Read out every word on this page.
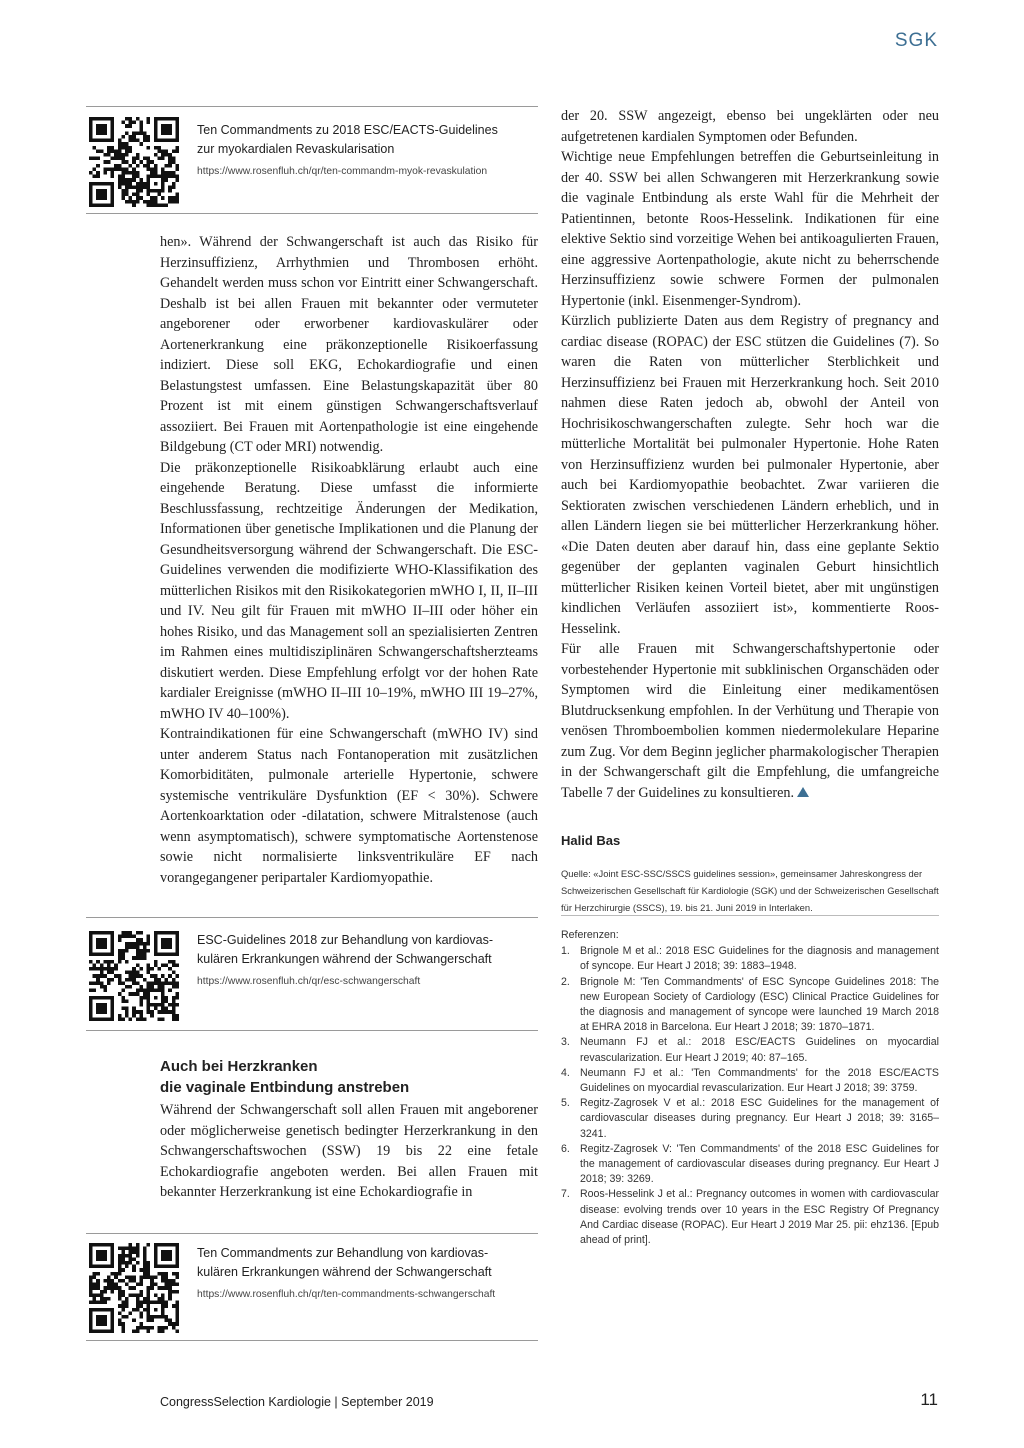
SGK
Ten Commandments zu 2018 ESC/EACTS-Guidelines
zur myokardialen Revaskularisation
https://www.rosenfluh.ch/qr/ten-commandm-myok-revaskulation

hen». Während der Schwangerschaft ist auch das Risiko für Herzinsuffizienz, Arrhythmien und Thrombosen erhöht. Gehandelt werden muss schon vor Eintritt einer Schwangerschaft. Deshalb ist bei allen Frauen mit bekannter oder vermuteter angeborener oder erworbener kardiovaskulärer oder Aortenerkrankung eine präkonzeptionelle Risikoerfassung indiziert. Diese soll EKG, Echokardiografie und einen Belastungstest umfassen. Eine Belastungskapazität über 80 Prozent ist mit einem günstigen Schwangerschaftsverlauf assoziiert. Bei Frauen mit Aortenpathologie ist eine eingehende Bildgebung (CT oder MRI) notwendig.

Die präkonzeptionelle Risikoabklärung erlaubt auch eine eingehende Beratung. Diese umfasst die informierte Beschlussfassung, rechtzeitige Änderungen der Medikation, Informationen über genetische Implikationen und die Planung der Gesundheitsversorgung während der Schwangerschaft. Die ESC-Guidelines verwenden die modifizierte WHO-Klassifikation des mütterlichen Risikos mit den Risikokategorien mWHO I, II, II–III und IV. Neu gilt für Frauen mit mWHO II–III oder höher ein hohes Risiko, und das Management soll an spezialisierten Zentren im Rahmen eines multidisziplinären Schwangerschaftsherzteams diskutiert werden. Diese Empfehlung erfolgt vor der hohen Rate kardialer Ereignisse (mWHO II–III 10–19%, mWHO III 19–27%, mWHO IV 40–100%).

Kontraindikationen für eine Schwangerschaft (mWHO IV) sind unter anderem Status nach Fontanoperation mit zusätzlichen Komorbiditäten, pulmonale arterielle Hypertonie, schwere systemische ventrikuläre Dysfunktion (EF < 30%). Schwere Aortenkoarktation oder -dilatation, schwere Mitralstenose (auch wenn asymptomatisch), schwere symptomatische Aortenstenose sowie nicht normalisierte linksventrikuläre EF nach vorangegangener peripartaler Kardiomyopathie.

ESC-Guidelines 2018 zur Behandlung von kardiovas-
kulären Erkrankungen während der Schwangerschaft
https://www.rosenfluh.ch/qr/esc-schwangerschaft
Auch bei Herzkranken
die vaginale Entbindung anstreben

Während der Schwangerschaft soll allen Frauen mit angeborener oder möglicherweise genetisch bedingter Herzerkrankung in den Schwangerschaftswochen (SSW) 19 bis 22 eine fetale Echokardiografie angeboten werden. Bei allen Frauen mit bekannter Herzerkrankung ist eine Echokardiografie in

Ten Commandments zur Behandlung von kardiovas-
kulären Erkrankungen während der Schwangerschaft
https://www.rosenfluh.ch/qr/ten-commandments-schwangerschaft

der 20. SSW angezeigt, ebenso bei ungeklärten oder neu aufgetretenen kardialen Symptomen oder Befunden.

Wichtige neue Empfehlungen betreffen die Geburtseinleitung in der 40. SSW bei allen Schwangeren mit Herzerkrankung sowie die vaginale Entbindung als erste Wahl für die Mehrheit der Patientinnen, betonte Roos-Hesselink. Indikationen für eine elektive Sektio sind vorzeitige Wehen bei antikoagulierten Frauen, eine aggressive Aortenpathologie, akute nicht zu beherrschende Herzinsuffizienz sowie schwere Formen der pulmonalen Hypertonie (inkl. Eisenmenger-Syndrom).

Kürzlich publizierte Daten aus dem Registry of pregnancy and cardiac disease (ROPAC) der ESC stützen die Guidelines (7). So waren die Raten von mütterlicher Sterblichkeit und Herzinsuffizienz bei Frauen mit Herzerkrankung hoch. Seit 2010 nahmen diese Raten jedoch ab, obwohl der Anteil von Hochrisikoschwangerschaften zulegte. Sehr hoch war die mütterliche Mortalität bei pulmonaler Hypertonie. Hohe Raten von Herzinsuffizienz wurden bei pulmonaler Hypertonie, aber auch bei Kardiomyopathie beobachtet. Zwar variieren die Sektioraten zwischen verschiedenen Ländern erheblich, und in allen Ländern liegen sie bei mütterlicher Herzerkrankung höher. «Die Daten deuten aber darauf hin, dass eine geplante Sektio gegenüber der geplanten vaginalen Geburt hinsichtlich mütterlicher Risiken keinen Vorteil bietet, aber mit ungünstigen kindlichen Verläufen assoziiert ist», kommentierte Roos-Hesselink.

Für alle Frauen mit Schwangerschaftshypertonie oder vorbestehender Hypertonie mit subklinischen Organschäden oder Symptomen wird die Einleitung einer medikamentösen Blutdrucksenkung empfohlen. In der Verhütung und Therapie von venösen Thromboembolien kommen niedermolekulare Heparine zum Zug. Vor dem Beginn jeglicher pharmakologischer Therapien in der Schwangerschaft gilt die Empfehlung, die umfangreiche Tabelle 7 der Guidelines zu konsultieren.

Halid Bas
Quelle: «Joint ESC-SSC/SSCS guidelines session», gemeinsamer Jahreskongress der Schweizerischen Gesellschaft für Kardiologie (SGK) und der Schweizerischen Gesellschaft für Herzchirurgie (SSCS), 19. bis 21. Juni 2019 in Interlaken.
Referenzen:
1. Brignole M et al.: 2018 ESC Guidelines for the diagnosis and management of syncope. Eur Heart J 2018; 39: 1883–1948.
2. Brignole M: 'Ten Commandments' of ESC Syncope Guidelines 2018: The new European Society of Cardiology (ESC) Clinical Practice Guidelines for the diagnosis and management of syncope were launched 19 March 2018 at EHRA 2018 in Barcelona. Eur Heart J 2018; 39: 1870–1871.
3. Neumann FJ et al.: 2018 ESC/EACTS Guidelines on myocardial revascularization. Eur Heart J 2019; 40: 87–165.
4. Neumann FJ et al.: 'Ten Commandments' for the 2018 ESC/EACTS Guidelines on myocardial revascularization. Eur Heart J 2018; 39: 3759.
5. Regitz-Zagrosek V et al.: 2018 ESC Guidelines for the management of cardiovascular diseases during pregnancy. Eur Heart J 2018; 39: 3165–3241.
6. Regitz-Zagrosek V: 'Ten Commandments' of the 2018 ESC Guidelines for the management of cardiovascular diseases during pregnancy. Eur Heart J 2018; 39: 3269.
7. Roos-Hesselink J et al.: Pregnancy outcomes in women with cardiovascular disease: evolving trends over 10 years in the ESC Registry Of Pregnancy And Cardiac disease (ROPAC). Eur Heart J 2019 Mar 25. pii: ehz136. [Epub ahead of print].
CongressSelection Kardiologie | September 2019	11
